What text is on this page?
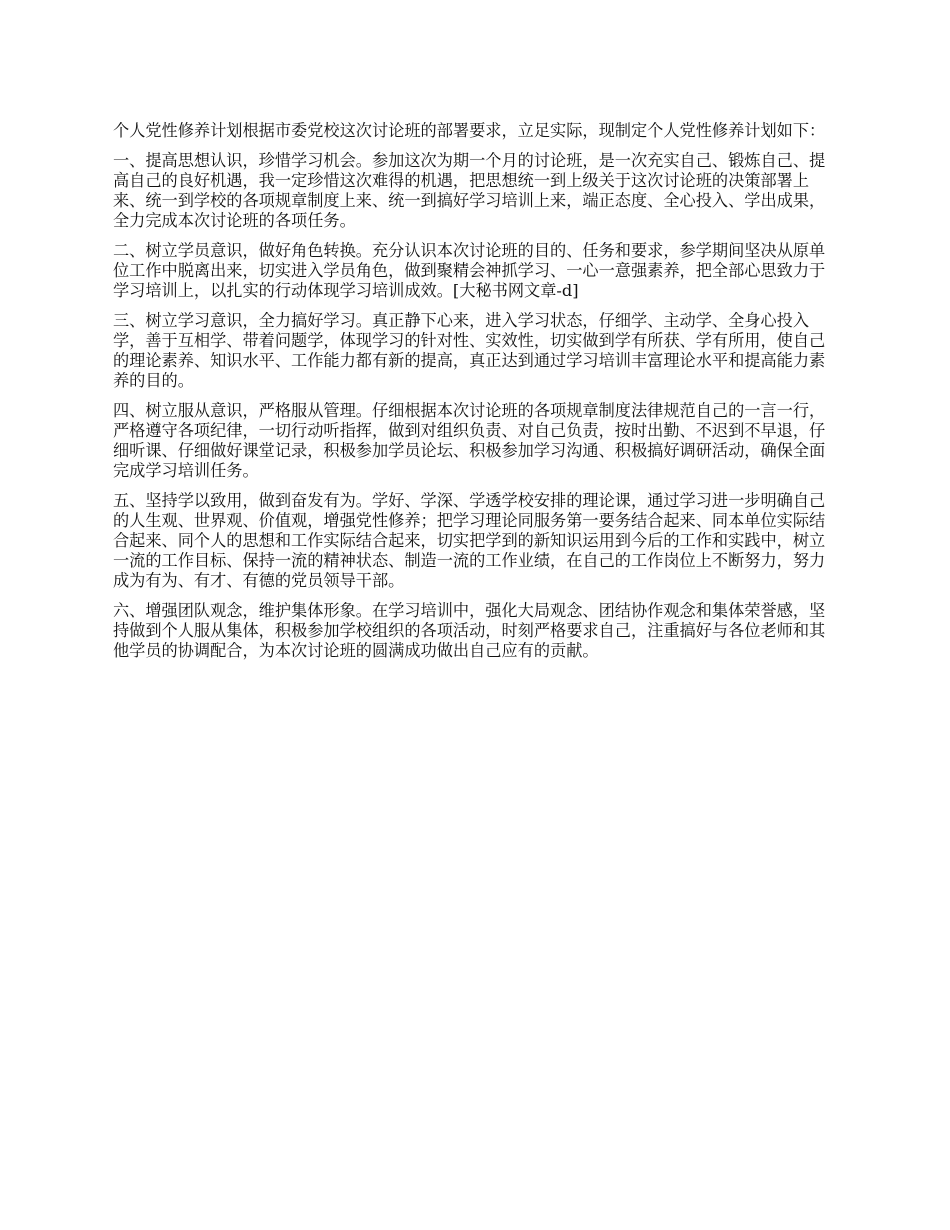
个人党性修养计划根据市委党校这次讨论班的部署要求，立足实际，现制定个人党性修养计划如下：

一、提高思想认识，珍惜学习机会。参加这次为期一个月的讨论班，是一次充实自己、锻炼自己、提高自己的良好机遇，我一定珍惜这次难得的机遇，把思想统一到上级关于这次讨论班的决策部署上来、统一到学校的各项规章制度上来、统一到搞好学习培训上来，端正态度、全心投入、学出成果，全力完成本次讨论班的各项任务。

二、树立学员意识，做好角色转换。充分认识本次讨论班的目的、任务和要求，参学期间坚决从原单位工作中脱离出来，切实进入学员角色，做到聚精会神抓学习、一心一意强素养，把全部心思致力于学习培训上，以扎实的行动体现学习培训成效。[大秘书网文章-d]

三、树立学习意识，全力搞好学习。真正静下心来，进入学习状态，仔细学、主动学、全身心投入学，善于互相学、带着问题学，体现学习的针对性、实效性，切实做到学有所获、学有所用，使自己的理论素养、知识水平、工作能力都有新的提高，真正达到通过学习培训丰富理论水平和提高能力素养的目的。

四、树立服从意识，严格服从管理。仔细根据本次讨论班的各项规章制度法律规范自己的一言一行，严格遵守各项纪律，一切行动听指挥，做到对组织负责、对自己负责，按时出勤、不迟到不早退，仔细听课、仔细做好课堂记录，积极参加学员论坛、积极参加学习沟通、积极搞好调研活动，确保全面完成学习培训任务。

五、坚持学以致用，做到奋发有为。学好、学深、学透学校安排的理论课，通过学习进一步明确自己的人生观、世界观、价值观，增强党性修养；把学习理论同服务第一要务结合起来、同本单位实际结合起来、同个人的思想和工作实际结合起来，切实把学到的新知识运用到今后的工作和实践中，树立一流的工作目标、保持一流的精神状态、制造一流的工作业绩，在自己的工作岗位上不断努力，努力成为有为、有才、有德的党员领导干部。

六、增强团队观念，维护集体形象。在学习培训中，强化大局观念、团结协作观念和集体荣誉感，坚持做到个人服从集体，积极参加学校组织的各项活动，时刻严格要求自己，注重搞好与各位老师和其他学员的协调配合，为本次讨论班的圆满成功做出自己应有的贡献。
